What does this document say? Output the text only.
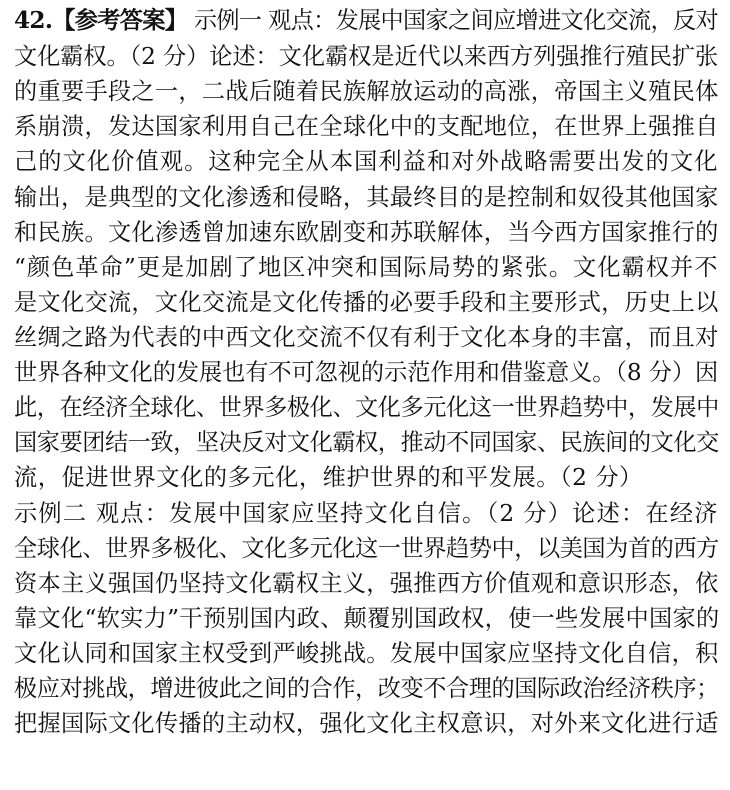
42.【参考答案】 示例一 观点：发展中国家之间应增进文化交流，反对
文化霸权。（2 分）论述：文化霸权是近代以来西方列强推行殖民扩张
的重要手段之一，二战后随着民族解放运动的高涨，帝国主义殖民体
系崩溃，发达国家利用自己在全球化中的支配地位，在世界上强推自
己的文化价值观。这种完全从本国利益和对外战略需要出发的文化
输出，是典型的文化渗透和侵略，其最终目的是控制和奴役其他国家
和民族。文化渗透曾加速东欧剧变和苏联解体，当今西方国家推行的
“颜色革命”更是加剧了地区冲突和国际局势的紧张。文化霸权并不
是文化交流，文化交流是文化传播的必要手段和主要形式，历史上以
丝绸之路为代表的中西文化交流不仅有利于文化本身的丰富，而且对
世界各种文化的发展也有不可忽视的示范作用和借鉴意义。（8 分）因
此，在经济全球化、世界多极化、文化多元化这一世界趋势中，发展中
国家要团结一致，坚决反对文化霸权，推动不同国家、民族间的文化交
流，促进世界文化的多元化，维护世界的和平发展。（2 分）
示例二 观点：发展中国家应坚持文化自信。（2 分）论述：在经济
全球化、世界多极化、文化多元化这一世界趋势中，以美国为首的西方
资本主义强国仍坚持文化霸权主义，强推西方价值观和意识形态，依
靠文化“软实力”干预别国内政、颠覆别国政权，使一些发展中国家的
文化认同和国家主权受到严峻挑战。发展中国家应坚持文化自信，积
极应对挑战，增进彼此之间的合作，改变不合理的国际政治经济秩序；
把握国际文化传播的主动权，强化文化主权意识，对外来文化进行适
